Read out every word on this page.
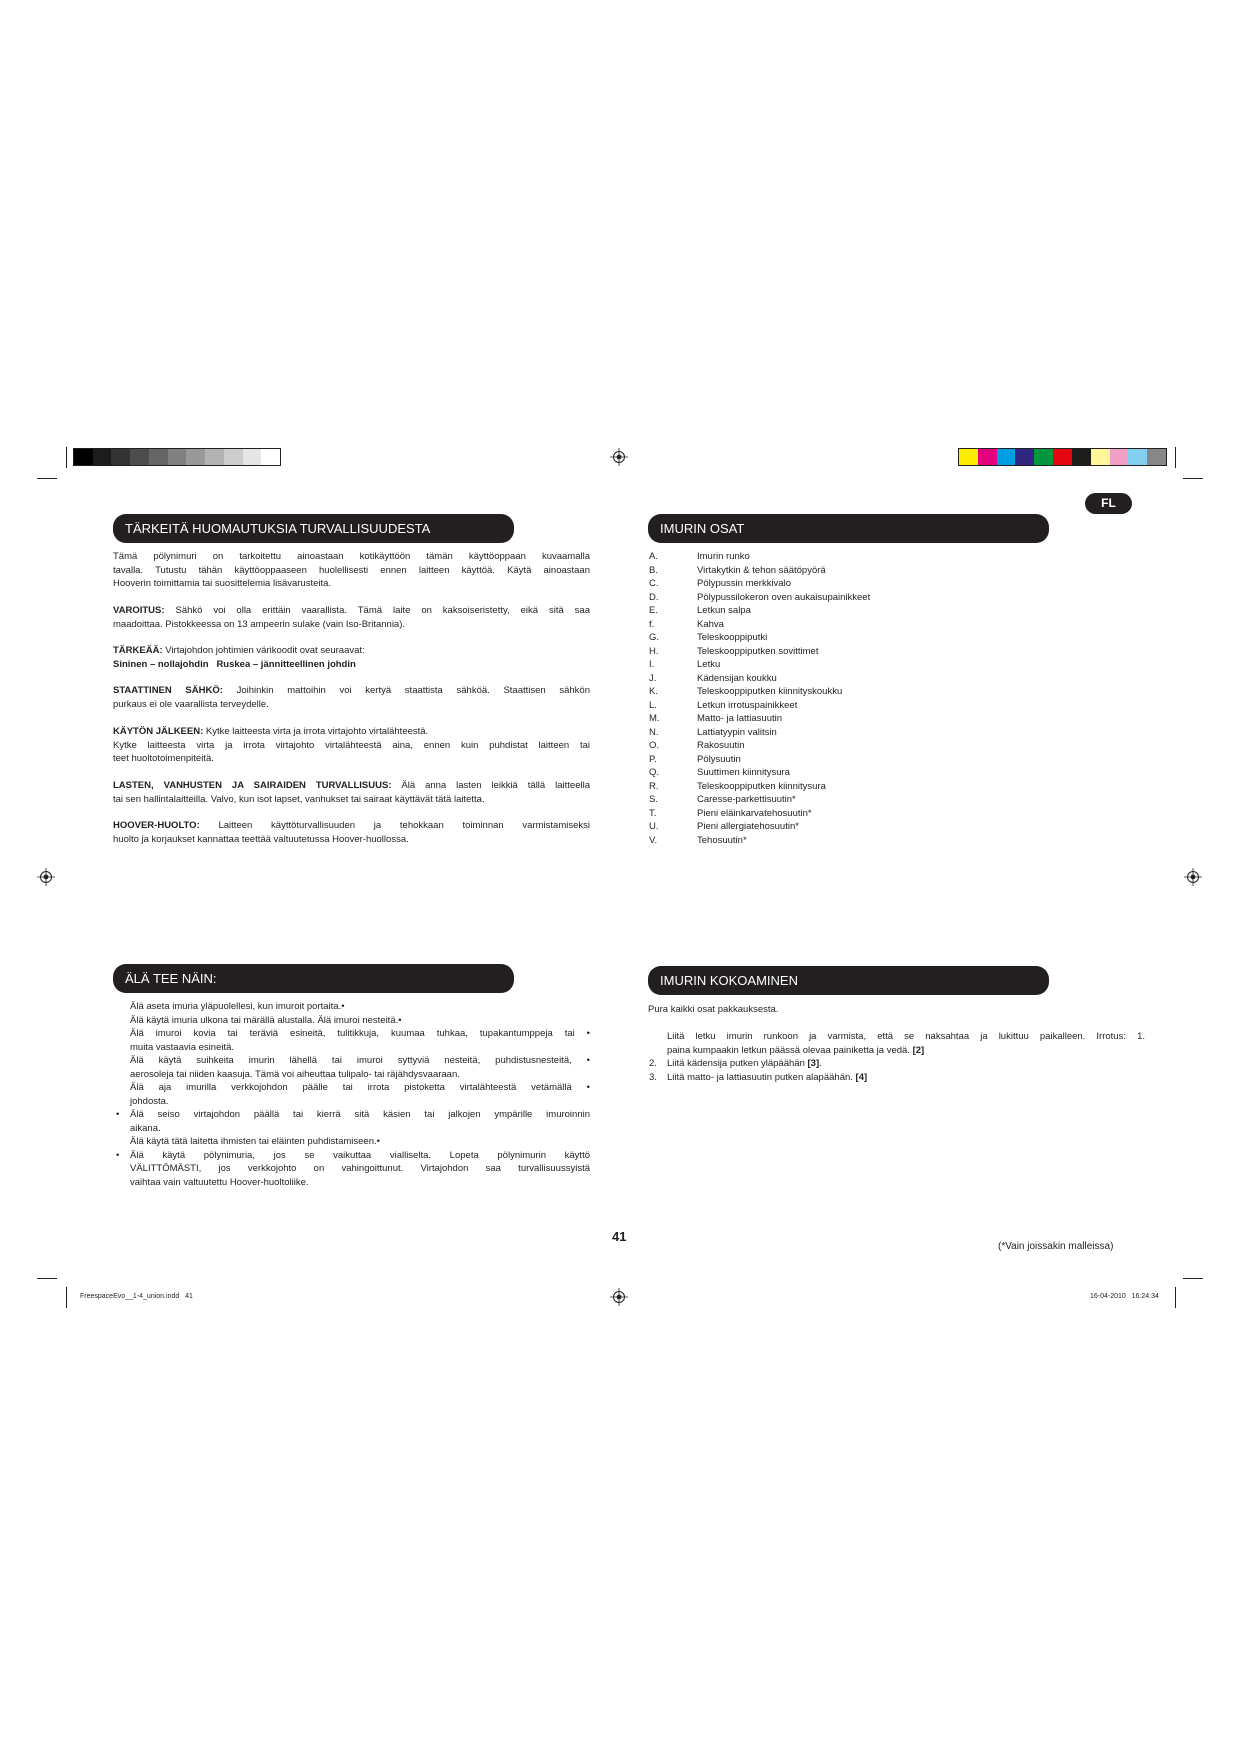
FL
TÄRKEITÄ HUOMAUTUKSIA TURVALLISUUDESTA
Tämä pölynimuri on tarkoitettu ainoastaan kotikäyttöön tämän käyttöoppaan kuvaamalla
tavalla. Tutustu tähän käyttöoppaaseen huolellisesti ennen laitteen käyttöä. Käytä ainoastaan
Hooverin toimittamia tai suosittelemia lisävarusteita.
VAROITUS: Sähkö voi olla erittäin vaarallista. Tämä laite on kaksoiseristetty, eikä sitä saa
maadoittaa. Pistokkeessa on 13 ampeerin sulake (vain Iso-Britannia).
TÄRKEÄÄ: Virtajohdon johtimien värikoodit ovat seuraavat:
Sininen – nollajohdin   Ruskea – jännitteellinen johdin
STAATTINEN SÄHKÖ: Joihinkin mattoihin voi kertyä staattista sähköä. Staattisen sähkön
purkaus ei ole vaarallista terveydelle.
KÄYTÖN JÄLKEEN: Kytke laitteesta virta ja irrota virtajohto virtalähteestä.
Kytke laitteesta virta ja irrota virtajohto virtalähteestä aina, ennen kuin puhdistat laitteen tai
teet huoltotoimenpiteitä.
LASTEN, VANHUSTEN JA SAIRAIDEN TURVALLISUUS: Älä anna lasten leikkiä tällä laitteella
tai sen hallintalaitteilla. Valvo, kun isot lapset, vanhukset tai sairaat käyttävät tätä laitetta.
HOOVER-HUOLTO: Laitteen käyttöturvallisuuden ja tehokkaan toiminnan varmistamiseksi
huolto ja korjaukset kannattaa teettää valtuutetussa Hoover-huollossa.
IMURIN OSAT
A.	Imurin runko
B.	Virtakytkin & tehon säätöpyörä
C.	Pölypussin merkkivalo
D.	Pölypussilokeron oven aukaisupainikkeet
E.	Letkun salpa
f.	Kahva
G.	Teleskooppiputki
H.	Teleskooppiputken sovittimet
I.	Letku
J.	Kädensijan koukku
K.	Teleskooppiputken kiinnityskoukku
L.	Letkun irrotuspainikkeet
M.	Matto- ja lattiasuutin
N.	Lattiatyypin valitsin
O.	Rakosuutin
P.	Pölysuutin
Q.	Suuttimen kiinnitysura
R.	Teleskooppiputken kiinnitysura
S.	Caresse-parkettisuutin*
T.	Pieni eläinkarvatehosuutin*
U.	Pieni allergiatehosuutin*
V.	Tehosuutin*
ÄLÄ TEE NÄIN:
Älä aseta imuria yläpuolellesi, kun imuroit portaita.•
Älä käytä imuria ulkona tai märällä alustalla. Älä imuroi nesteitä.•
Älä imuroi kovia tai teräviä esineitä, tulitikkuja, kuumaa tuhkaa, tupakantumppeja tai •
muita vastaavia esineitä.
Älä käytä suihkeita imurin lähellä tai imuroi syttyviä nesteitä, puhdistusnesteitä, •
aerosoleja tai niiden kaasuja. Tämä voi aiheuttaa tulipalo- tai räjähdysvaaraan.
Älä aja imurilla verkkojohdon päälle tai irrota pistoketta virtalähteestä vetämällä •
johdosta.
• Älä seiso virtajohdon päällä tai kierrä sitä käsien tai jalkojen ympärille imuroinnin
aikana.
Älä käytä tätä laitetta ihmisten tai eläinten puhdistamiseen.•
• Älä käytä pölynimuria, jos se vaikuttaa vialliselta. Lopeta pölynimurin käyttö
VÄLITTÖMÄSTI, jos verkkojohto on vahingoittunut. Virtajohdon saa turvallisuussyistä
vaihtaa vain valtuutettu Hoover-huoltoliike.
IMURIN KOKOAMINEN
Pura kaikki osat pakkauksesta.
Liitä letku imurin runkoon ja varmista, että se naksahtaa ja lukittuu paikalleen. Irrotus: 1.
paina kumpaakin letkun päässä olevaa painiketta ja vedä. [2]
2. Liitä kädensija putken yläpäähän [3].
3. Liitä matto- ja lattiasuutin putken alapäähän. [4]
41
(*Vain joissakin malleissa)
FreespaceEvo__1-4_union.indd 41	16-04-2010 16:24:34
